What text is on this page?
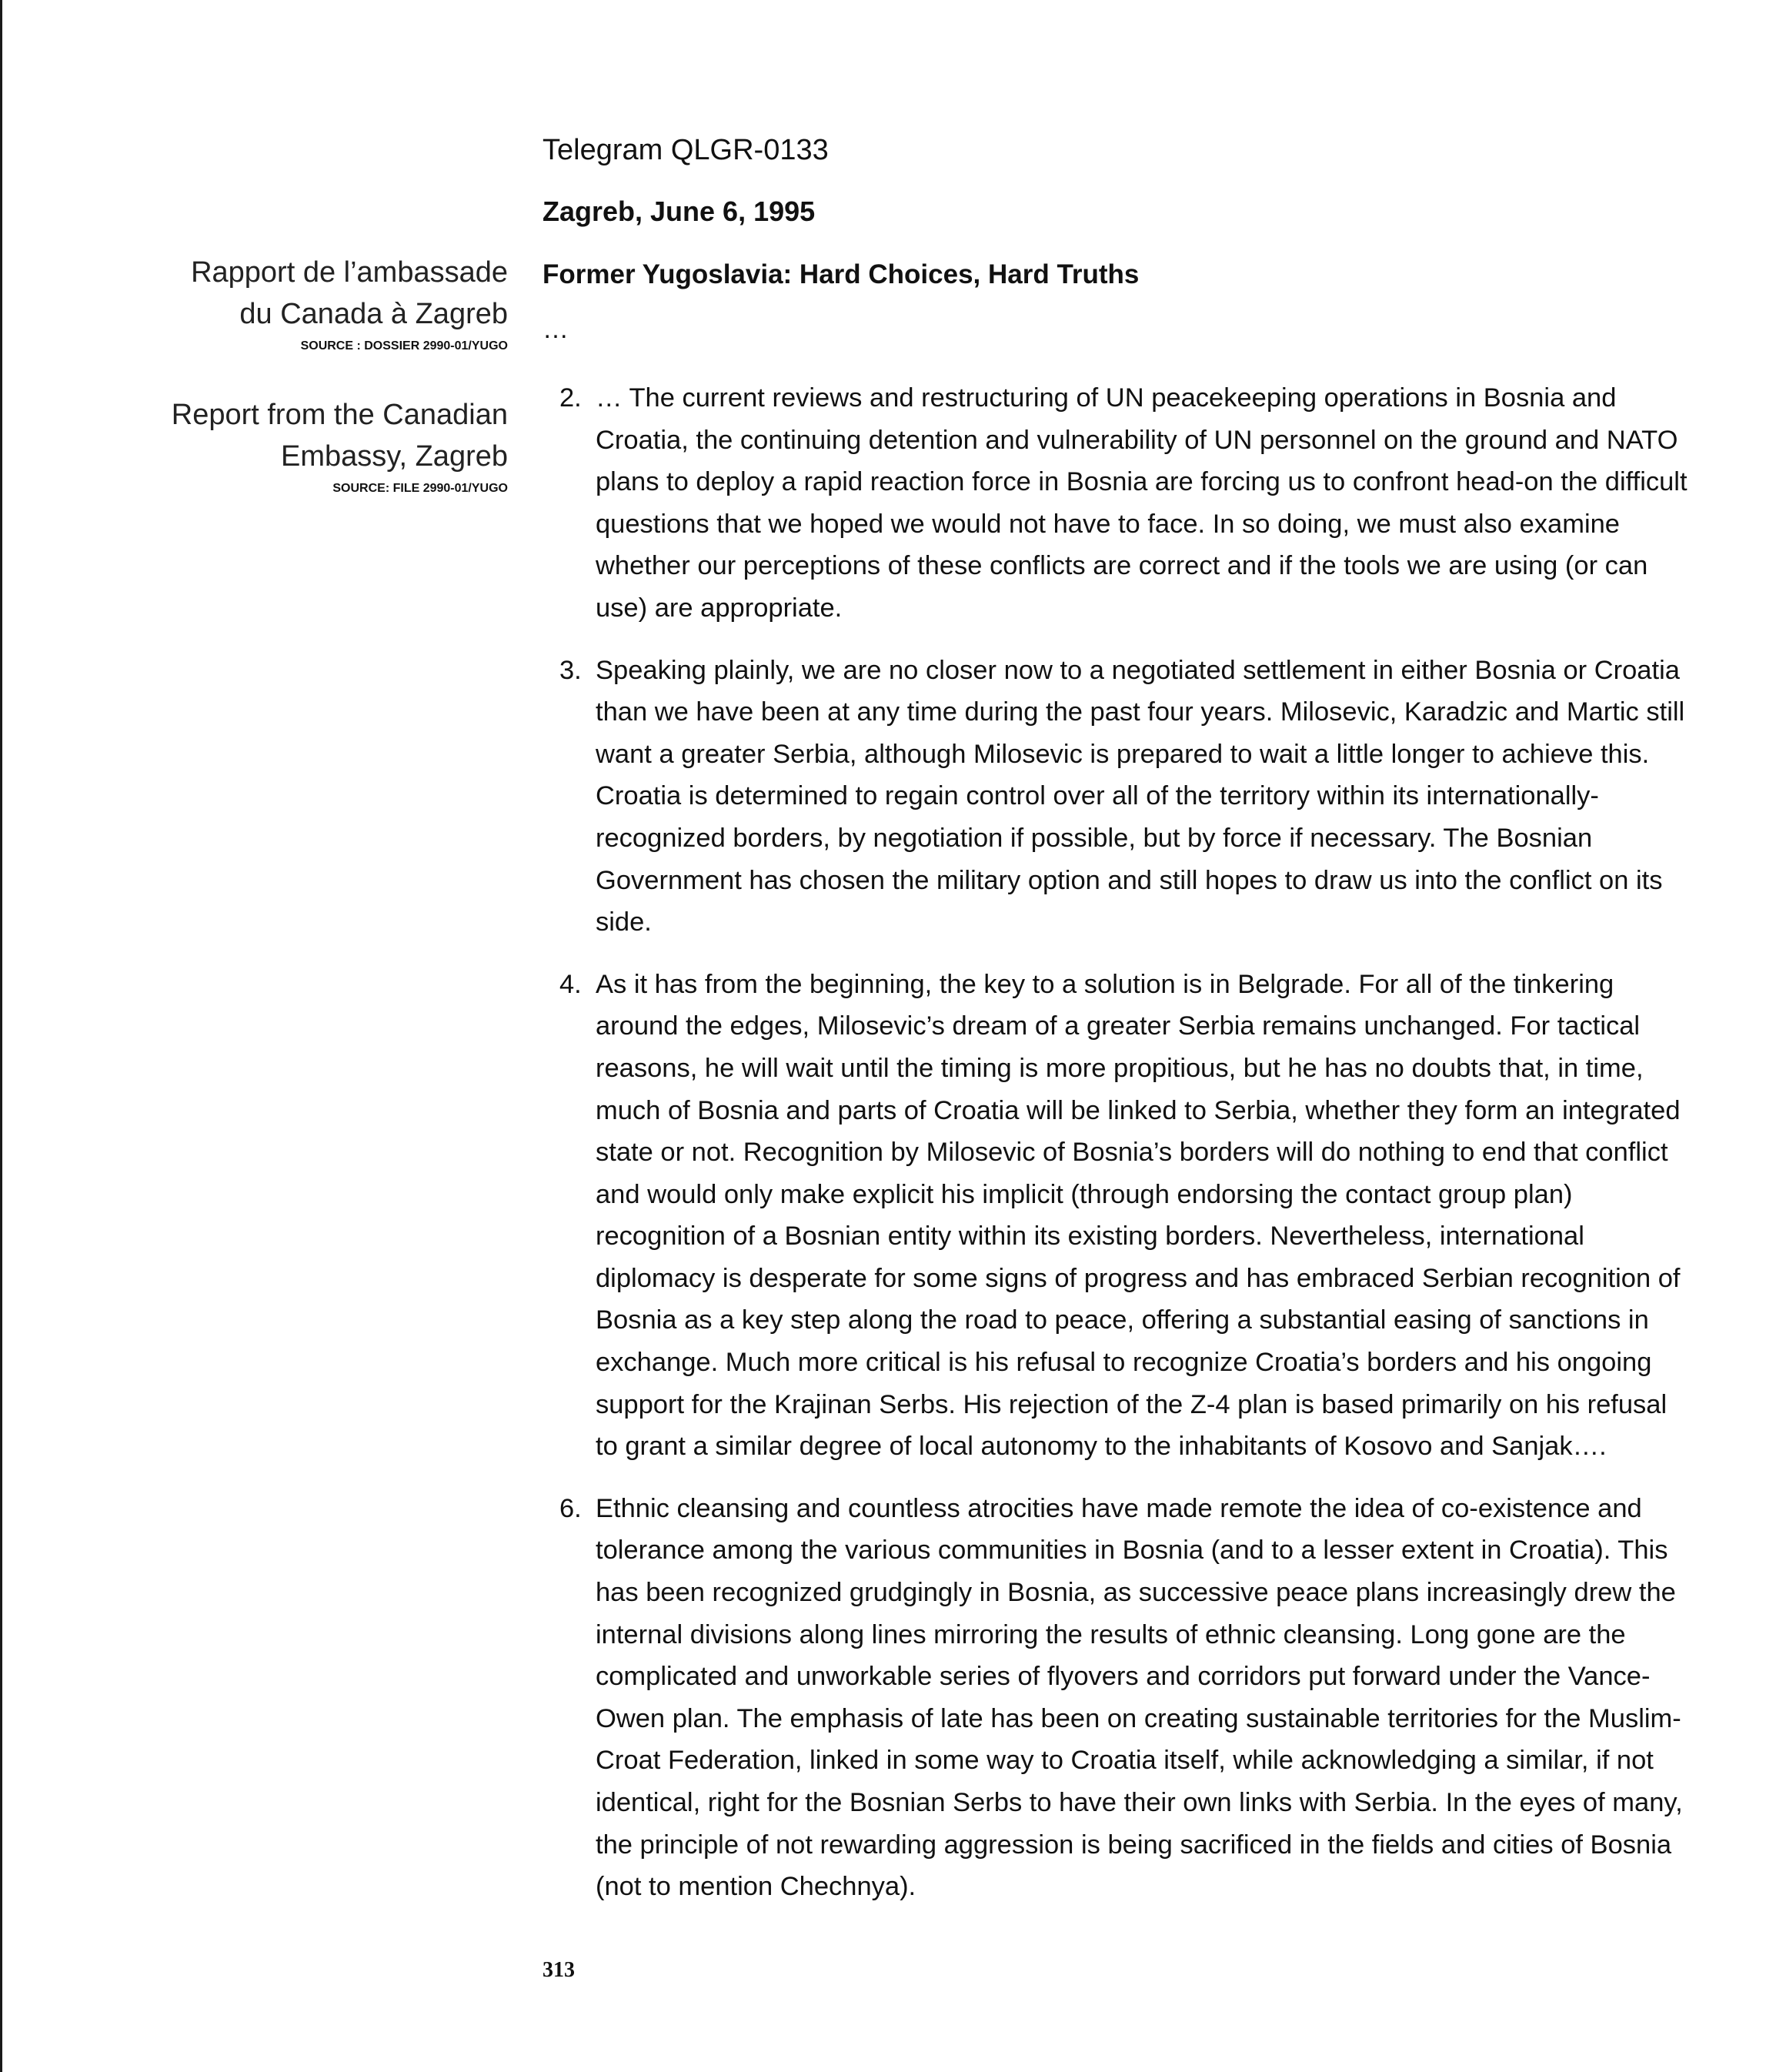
Rapport de l’ambassade
du Canada à Zagreb
SOURCE : DOSSIER 2990-01/YUGO
Report from the Canadian
Embassy, Zagreb
SOURCE: FILE 2990-01/YUGO
Telegram QLGR-0133
Zagreb, June 6, 1995
Former Yugoslavia: Hard Choices, Hard Truths
…
2. … The current reviews and restructuring of UN peacekeeping operations in Bosnia and Croatia, the continuing detention and vulnerability of UN personnel on the ground and NATO plans to deploy a rapid reaction force in Bosnia are forcing us to confront head-on the difficult questions that we hoped we would not have to face. In so doing, we must also examine whether our perceptions of these conflicts are correct and if the tools we are using (or can use) are appropriate.
3. Speaking plainly, we are no closer now to a negotiated settlement in either Bosnia or Croatia than we have been at any time during the past four years. Milosevic, Karadzic and Martic still want a greater Serbia, although Milosevic is prepared to wait a little longer to achieve this. Croatia is determined to regain control over all of the territory within its internationally-recognized borders, by negotiation if possible, but by force if necessary. The Bosnian Government has chosen the military option and still hopes to draw us into the conflict on its side.
4. As it has from the beginning, the key to a solution is in Belgrade. For all of the tinkering around the edges, Milosevic’s dream of a greater Serbia remains unchanged. For tactical reasons, he will wait until the timing is more propitious, but he has no doubts that, in time, much of Bosnia and parts of Croatia will be linked to Serbia, whether they form an integrated state or not. Recognition by Milosevic of Bosnia’s borders will do nothing to end that conflict and would only make explicit his implicit (through endorsing the contact group plan) recognition of a Bosnian entity within its existing borders. Nevertheless, international diplomacy is desperate for some signs of progress and has embraced Serbian recognition of Bosnia as a key step along the road to peace, offering a substantial easing of sanctions in exchange. Much more critical is his refusal to recognize Croatia’s borders and his ongoing support for the Krajinan Serbs. His rejection of the Z-4 plan is based primarily on his refusal to grant a similar degree of local autonomy to the inhabitants of Kosovo and Sanjak….
6. Ethnic cleansing and countless atrocities have made remote the idea of co-existence and tolerance among the various communities in Bosnia (and to a lesser extent in Croatia). This has been recognized grudgingly in Bosnia, as successive peace plans increasingly drew the internal divisions along lines mirroring the results of ethnic cleansing. Long gone are the complicated and unworkable series of flyovers and corridors put forward under the Vance-Owen plan. The emphasis of late has been on creating sustainable territories for the Muslim-Croat Federation, linked in some way to Croatia itself, while acknowledging a similar, if not identical, right for the Bosnian Serbs to have their own links with Serbia. In the eyes of many, the principle of not rewarding aggression is being sacrificed in the fields and cities of Bosnia (not to mention Chechnya).
313
